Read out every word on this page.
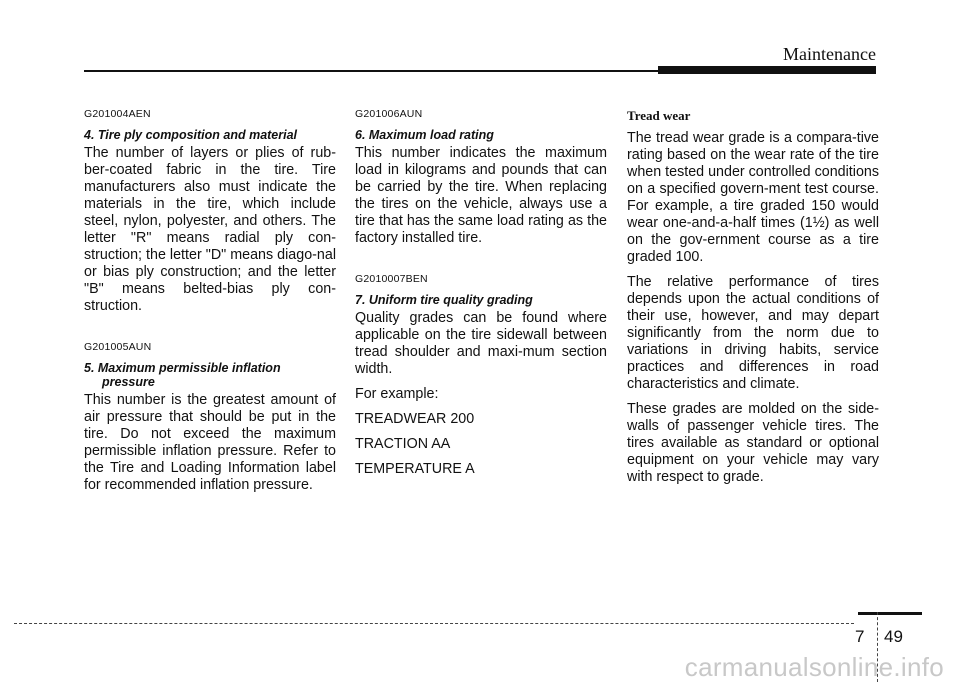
Maintenance

G201004AEN

4. Tire ply composition and material

The number of layers or plies of rub-ber-coated fabric in the tire. Tire manufacturers also must indicate the materials in the tire, which include steel, nylon, polyester, and others. The letter "R" means radial ply con-struction; the letter "D" means diago-nal or bias ply construction; and the letter "B" means belted-bias ply con-struction.

G201005AUN

5. Maximum permissible inflation pressure

This number is the greatest amount of air pressure that should be put in the tire. Do not exceed the maximum permissible inflation pressure. Refer to the Tire and Loading Information label for recommended inflation pressure.

G201006AUN

6. Maximum load rating

This number indicates the maximum load in kilograms and pounds that can be carried by the tire. When replacing the tires on the vehicle, always use a tire that has the same load rating as the factory installed tire.

G2010007BEN

7. Uniform tire quality grading

Quality grades can be found where applicable on the tire sidewall between tread shoulder and maxi-mum section width.

For example:

TREADWEAR 200

TRACTION AA

TEMPERATURE A

Tread wear

The tread wear grade is a compara-tive rating based on the wear rate of the tire when tested under controlled conditions on a specified govern-ment test course. For example, a tire graded 150 would wear one-and-a-half times (1½) as well on the gov-ernment course as a tire graded 100.

The relative performance of tires depends upon the actual conditions of their use, however, and may depart significantly from the norm due to variations in driving habits, service practices and differences in road characteristics and climate.

These grades are molded on the side-walls of passenger vehicle tires. The tires available as standard or optional equipment on your vehicle may vary with respect to grade.

7 49
carmanualsonline.info
